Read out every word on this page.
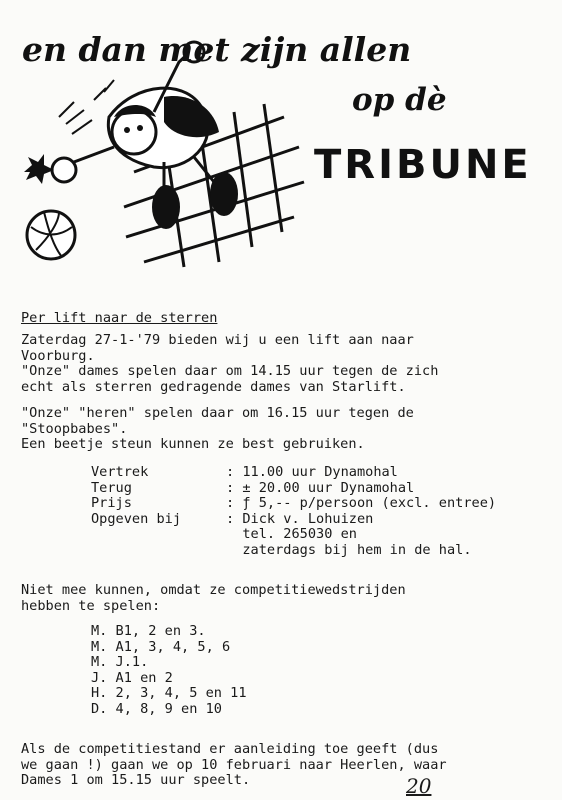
en dan met zijn allen
op dè
TRIBUNE
Per lift naar de sterren
Zaterdag 27-1-'79 bieden wij u een lift aan naar
Voorburg.
"Onze" dames spelen daar om 14.15 uur tegen de zich
echt als sterren gedragende dames van Starlift.
"Onze" "heren" spelen daar om 16.15 uur tegen de
"Stoopbabes".
Een beetje steun kunnen ze best gebruiken.
Vertrek	: 11.00 uur Dynamohal
Terug	: ± 20.00 uur Dynamohal
Prijs	: ƒ 5,-- p/persoon (excl. entree)
Opgeven bij	: Dick v. Lohuizen
tel. 265030 en
zaterdags bij hem in de hal.
Niet mee kunnen, omdat ze competitiewedstrijden
hebben te spelen:
M. B1, 2 en 3.
M. A1, 3, 4, 5, 6
M. J.1.
J. A1 en 2
H. 2, 3, 4, 5 en 11
D. 4, 8, 9 en 10
Als de competitiestand er aanleiding toe geeft (dus
we gaan !) gaan we op 10 februari naar Heerlen, waar
Dames 1 om 15.15 uur speelt.	20
